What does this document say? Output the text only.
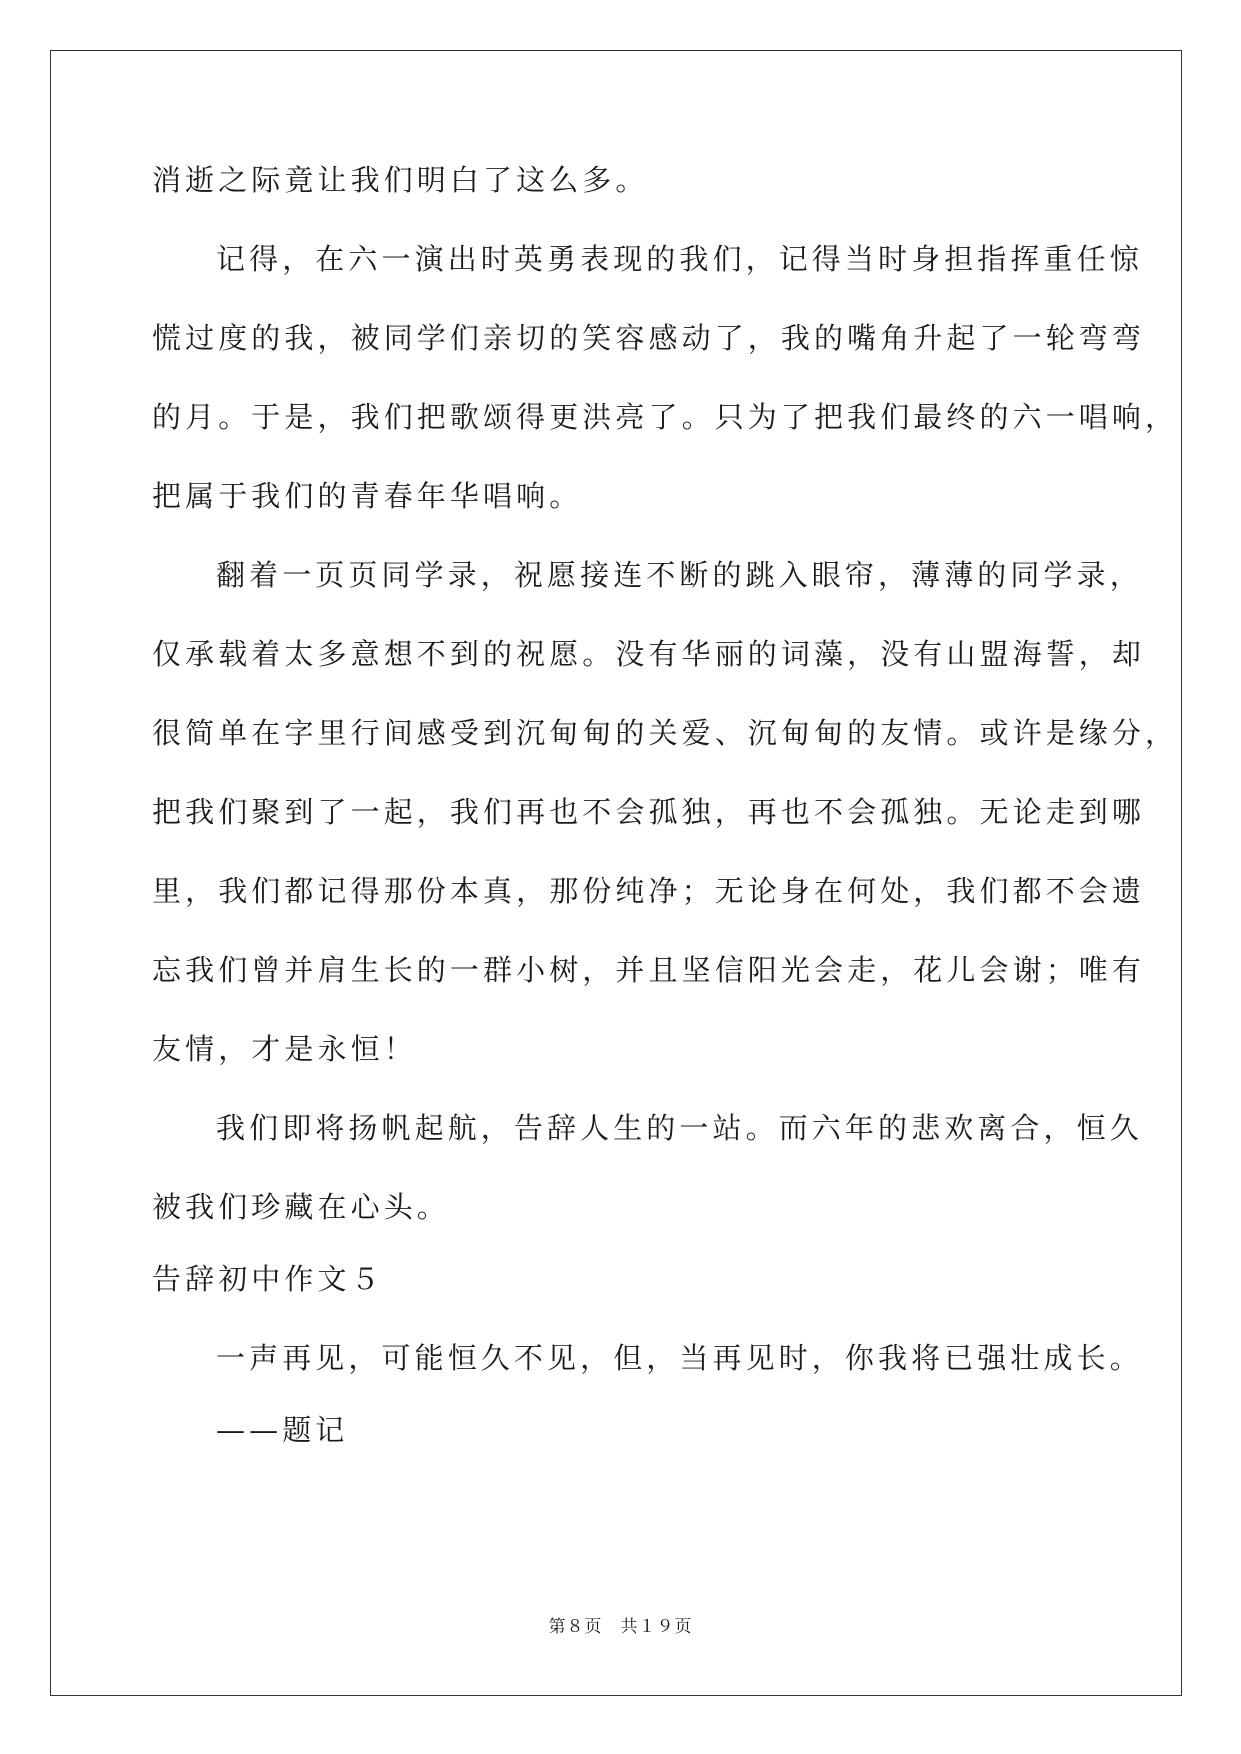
消逝之际竟让我们明白了这么多。

记得，在六一演出时英勇表现的我们，记得当时身担指挥重任惊

慌过度的我，被同学们亲切的笑容感动了，我的嘴角升起了一轮弯弯

的月。于是，我们把歌颂得更洪亮了。只为了把我们最终的六一唱响，

把属于我们的青春年华唱响。

翻着一页页同学录，祝愿接连不断的跳入眼帘，薄薄的同学录，

仅承载着太多意想不到的祝愿。没有华丽的词藻，没有山盟海誓，却

很简单在字里行间感受到沉甸甸的关爱、沉甸甸的友情。或许是缘分，

把我们聚到了一起，我们再也不会孤独，再也不会孤独。无论走到哪

里，我们都记得那份本真，那份纯净；无论身在何处，我们都不会遗

忘我们曾并肩生长的一群小树，并且坚信阳光会走，花儿会谢；唯有

友情，才是永恒！

我们即将扬帆起航，告辞人生的一站。而六年的悲欢离合，恒久

被我们珍藏在心头。

告辞初中作文５

一声再见，可能恒久不见，但，当再见时，你我将已强壮成长。

——题记

第８页　共１９页
